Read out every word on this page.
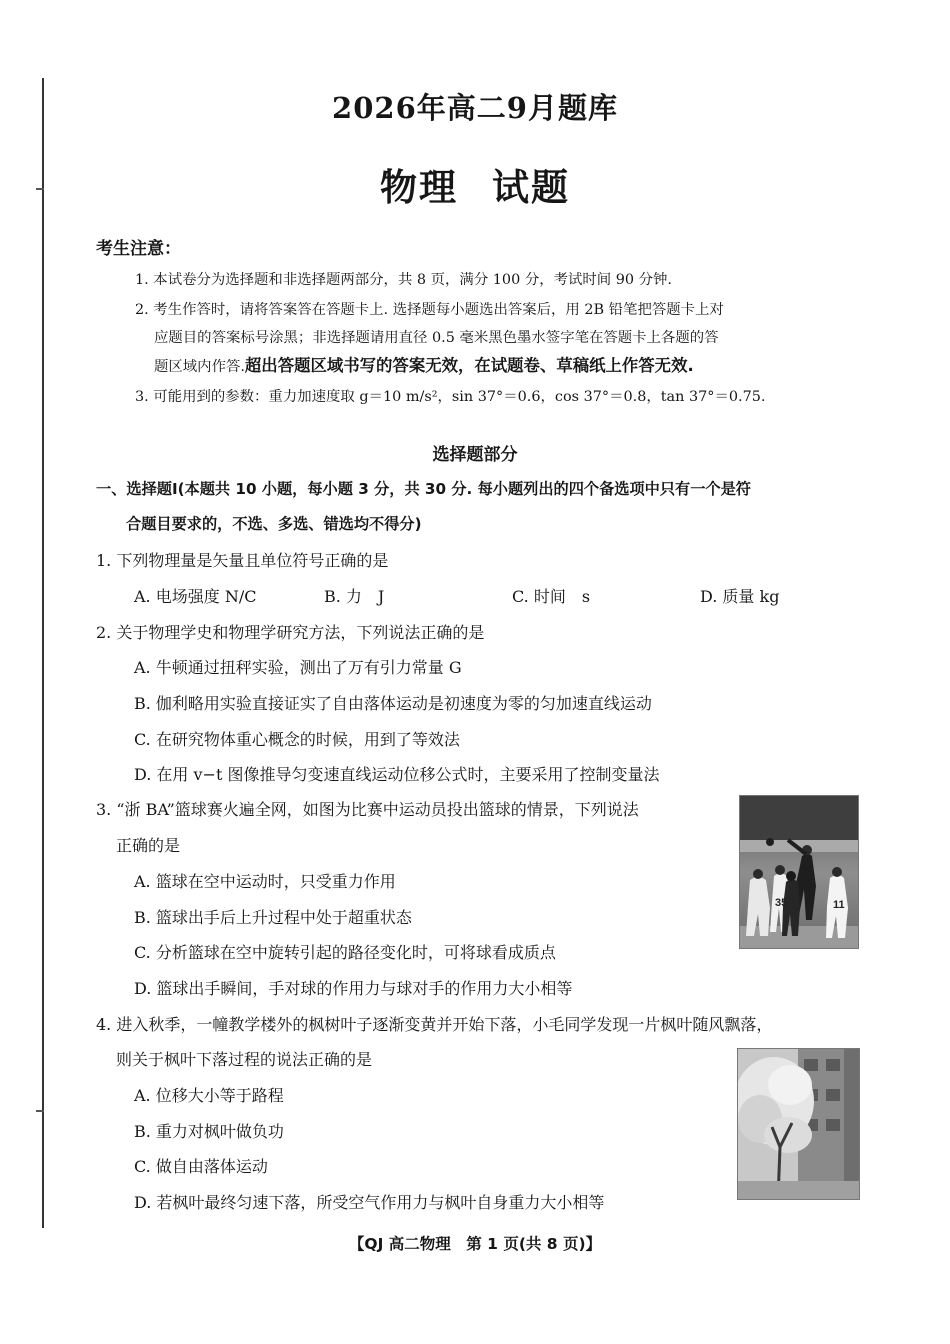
2026年高二9月题库
物理 试题
考生注意：
1. 本试卷分为选择题和非选择题两部分，共 8 页，满分 100 分，考试时间 90 分钟.
2. 考生作答时，请将答案答在答题卡上. 选择题每小题选出答案后，用 2B 铅笔把答题卡上对
应题目的答案标号涂黑；非选择题请用直径 0.5 毫米黑色墨水签字笔在答题卡上各题的答
题区域内作答.超出答题区域书写的答案无效，在试题卷、草稿纸上作答无效.
3. 可能用到的参数：重力加速度取 g＝10 m/s²，sin 37°＝0.6，cos 37°＝0.8，tan 37°＝0.75.
选择题部分
一、选择题Ⅰ(本题共 10 小题，每小题 3 分，共 30 分. 每小题列出的四个备选项中只有一个是符
合题目要求的，不选、多选、错选均不得分)
1. 下列物理量是矢量且单位符号正确的是
A. 电场强度 N/C	B. 力　J	C. 时间　s	D. 质量 kg
2. 关于物理学史和物理学研究方法，下列说法正确的是
A. 牛顿通过扭秤实验，测出了万有引力常量 G
B. 伽利略用实验直接证实了自由落体运动是初速度为零的匀加速直线运动
C. 在研究物体重心概念的时候，用到了等效法
D. 在用 v−t 图像推导匀变速直线运动位移公式时，主要采用了控制变量法
3. “浙 BA”篮球赛火遍全网，如图为比赛中运动员投出篮球的情景，下列说法
正确的是
A. 篮球在空中运动时，只受重力作用
B. 篮球出手后上升过程中处于超重状态
C. 分析篮球在空中旋转引起的路径变化时，可将球看成质点
D. 篮球出手瞬间，手对球的作用力与球对手的作用力大小相等
35	11
4. 进入秋季，一幢教学楼外的枫树叶子逐渐变黄并开始下落，小毛同学发现一片枫叶随风飘落，
则关于枫叶下落过程的说法正确的是
A. 位移大小等于路程
B. 重力对枫叶做负功
C. 做自由落体运动
D. 若枫叶最终匀速下落，所受空气作用力与枫叶自身重力大小相等
【QJ 高二物理　第 1 页(共 8 页)】
